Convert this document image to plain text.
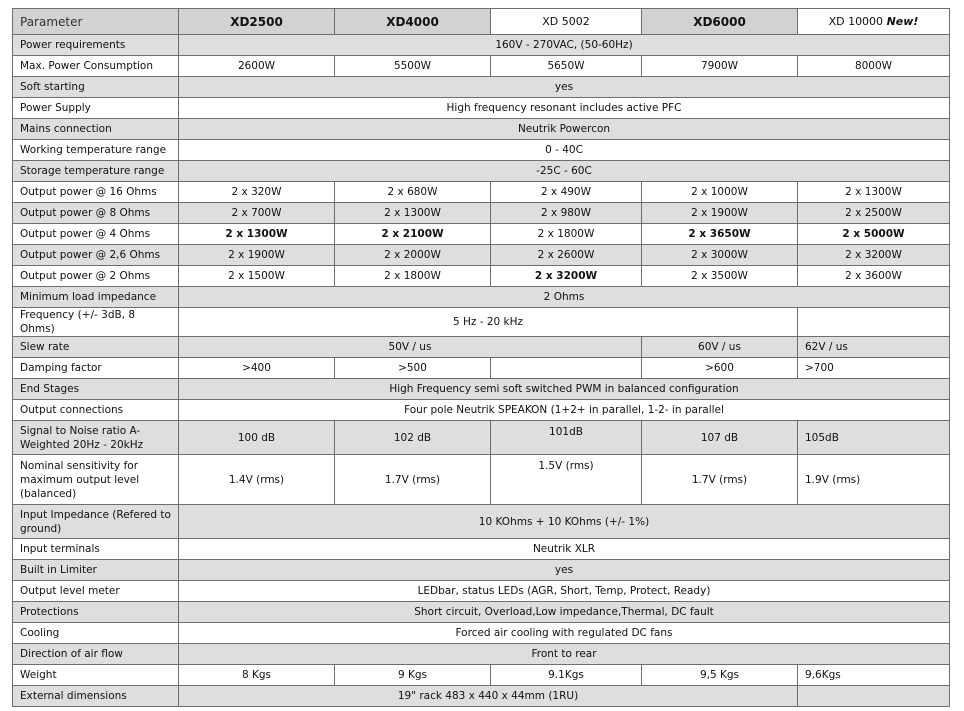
Parameter	XD2500	XD4000	XD 5002	XD6000	XD 10000 New!
Power requirements	160V - 270VAC, (50-60Hz)				
Max. Power Consumption	2600W	5500W	5650W	7900W	8000W
Soft starting	yes				
Power Supply	High frequency resonant includes active PFC				
Mains connection	Neutrik Powercon				
Working temperature range	0 - 40C				
Storage temperature range	-25C - 60C				
Output power @ 16 Ohms	2 x 320W	2 x 680W	2 x 490W	2 x 1000W	2 x 1300W
Output power @ 8 Ohms	2 x 700W	2 x 1300W	2 x 980W	2 x 1900W	2 x 2500W
Output power @ 4 Ohms	2 x 1300W	2 x 2100W	2 x 1800W	2 x 3650W	2 x 5000W
Output power @ 2,6 Ohms	2 x 1900W	2 x 2000W	2 x 2600W	2 x 3000W	2 x 3200W
Output power @ 2 Ohms	2 x 1500W	2 x 1800W	2 x 3200W	2 x 3500W	2 x 3600W
Minimum load impedance	2 Ohms				
Frequency (+/- 3dB, 8 Ohms)	5 Hz - 20 kHz				
Slew rate	50V / us			60V / us	62V / us
Damping factor	>400	>500		>600	>700
End Stages	High Frequency semi soft switched PWM in balanced configuration				
Output connections	Four pole Neutrik SPEAKON (1+2+ in parallel, 1-2- in parallel				
Signal to Noise ratio A-Weighted 20Hz - 20kHz	100 dB	102 dB	101dB	107 dB	105dB
Nominal sensitivity for maximum output level (balanced)	1.4V (rms)	1.7V (rms)	1.5V (rms)	1.7V (rms)	1.9V (rms)
Input Impedance (Refered to ground)	10 KOhms + 10 KOhms (+/- 1%)				
Input terminals	Neutrik XLR				
Built in Limiter	yes				
Output level meter	LEDbar, status LEDs (AGR, Short, Temp, Protect, Ready)				
Protections	Short circuit, Overload,Low impedance,Thermal, DC fault				
Cooling	Forced air cooling with regulated DC fans				
Direction of air flow	Front to rear				
Weight	8 Kgs	9 Kgs	9.1Kgs	9,5 Kgs	9,6Kgs
External dimensions	19" rack 483 x 440 x 44mm (1RU)				
